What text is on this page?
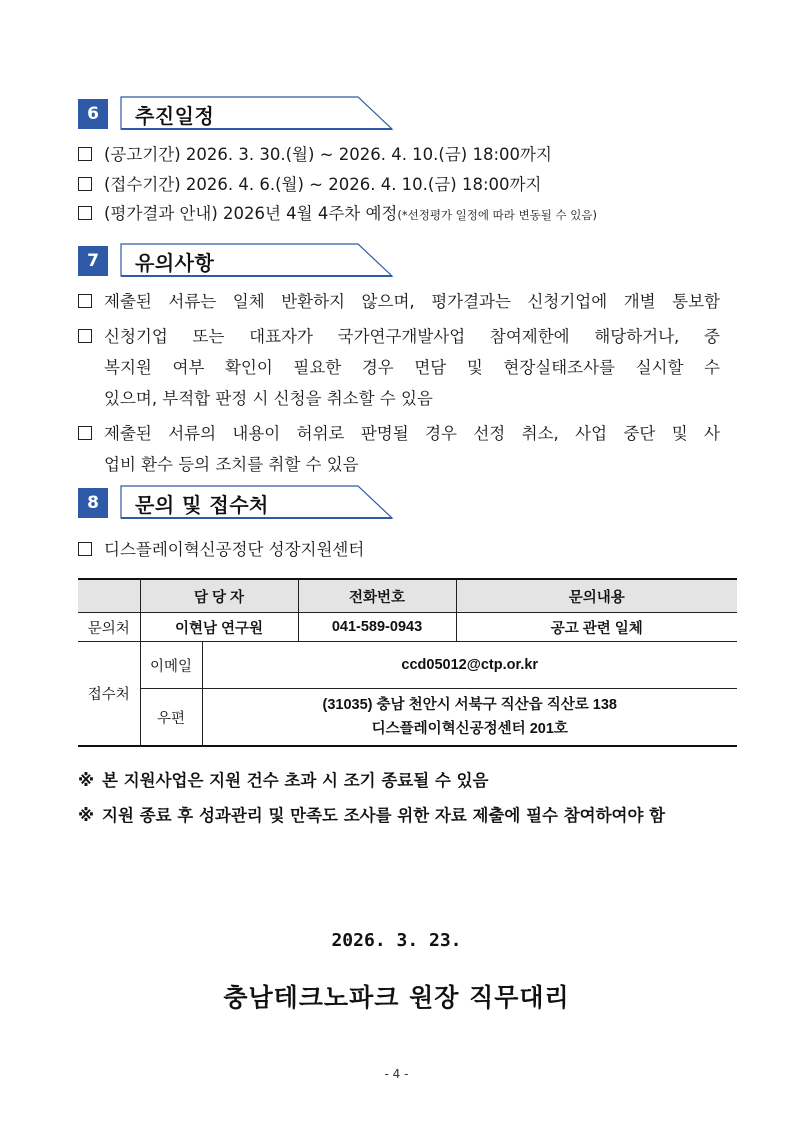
6	추진일정
(공고기간) 2026. 3. 30.(월) ~ 2026. 4. 10.(금) 18:00까지
(접수기간) 2026. 4. 6.(월) ~ 2026. 4. 10.(금) 18:00까지
(평가결과 안내) 2026년 4월 4주차 예정(*선정평가 일정에 따라 변동될 수 있음)
7	유의사항
제출된 서류는 일체 반환하지 않으며, 평가결과는 신청기업에 개별 통보함
신청기업 또는 대표자가 국가연구개발사업 참여제한에 해당하거나, 중
복지원 여부 확인이 필요한 경우 면담 및 현장실태조사를 실시할 수
있으며, 부적합 판정 시 신청을 취소할 수 있음
제출된 서류의 내용이 허위로 판명될 경우 선정 취소, 사업 중단 및 사
업비 환수 등의 조치를 취할 수 있음
8	문의 및 접수처
디스플레이혁신공정단 성장지원센터
	담 당 자		전화번호	문의내용
문의처	이현남 연구원		041-589-0943	공고 관련 일체
접수처	이메일	ccd05012@ctp.or.kr		
	우편	(31035) 충남 천안시 서북구 직산읍 직산로 138
디스플레이혁신공정센터 201호		
※ 본 지원사업은 지원 건수 초과 시 조기 종료될 수 있음
※ 지원 종료 후 성과관리 및 만족도 조사를 위한 자료 제출에 필수 참여하여야 함
2026. 3. 23.
충남테크노파크 원장 직무대리
- 4 -
